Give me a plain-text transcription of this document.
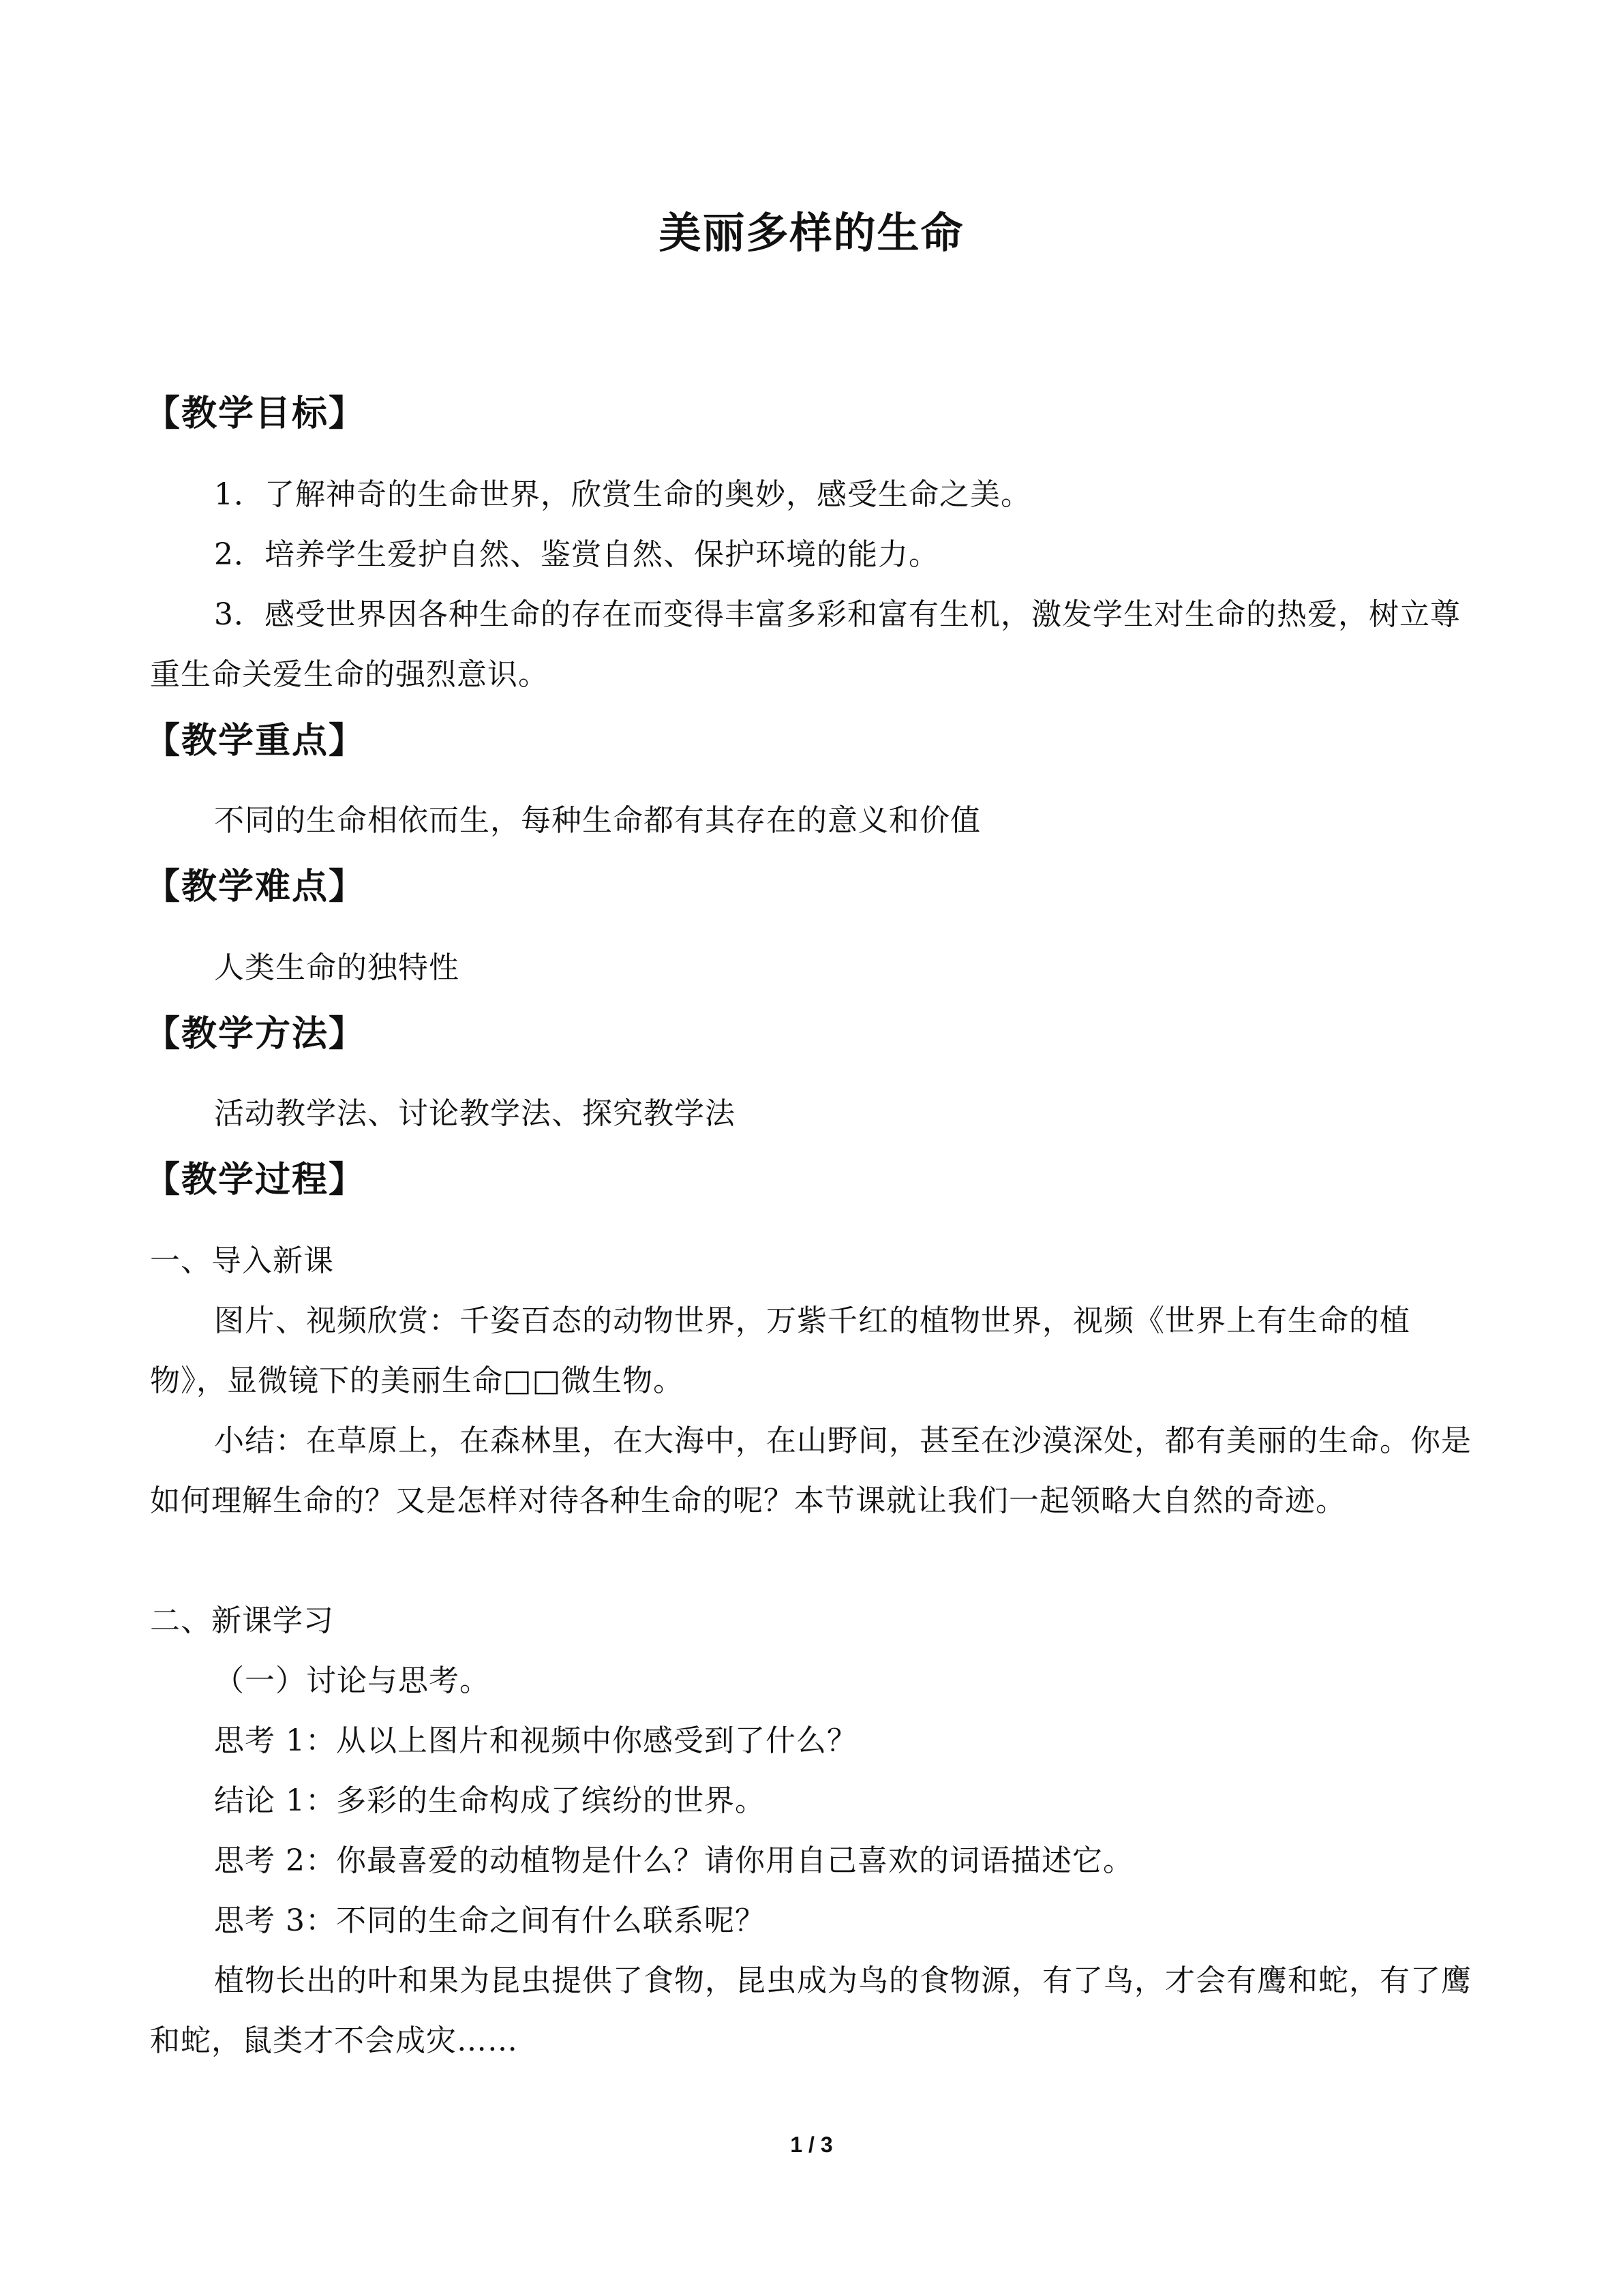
美丽多样的生命
【教学目标】

1．了解神奇的生命世界，欣赏生命的奥妙，感受生命之美。

2．培养学生爱护自然、鉴赏自然、保护环境的能力。

3．感受世界因各种生命的存在而变得丰富多彩和富有生机，激发学生对生命的热爱，树立尊重生命关爱生命的强烈意识。

【教学重点】

不同的生命相依而生，每种生命都有其存在的意义和价值

【教学难点】

人类生命的独特性

【教学方法】

活动教学法、讨论教学法、探究教学法

【教学过程】

一、导入新课

图片、视频欣赏：千姿百态的动物世界，万紫千红的植物世界，视频《世界上有生命的植物》，显微镜下的美丽生命□□微生物。

小结：在草原上，在森林里，在大海中，在山野间，甚至在沙漠深处，都有美丽的生命。你是如何理解生命的？又是怎样对待各种生命的呢？本节课就让我们一起领略大自然的奇迹。

二、新课学习

（一）讨论与思考。

思考 1：从以上图片和视频中你感受到了什么？

结论 1：多彩的生命构成了缤纷的世界。

思考 2：你最喜爱的动植物是什么？请你用自己喜欢的词语描述它。

思考 3：不同的生命之间有什么联系呢？

植物长出的叶和果为昆虫提供了食物，昆虫成为鸟的食物源，有了鸟，才会有鹰和蛇，有了鹰和蛇，鼠类才不会成灾……

1 / 3
